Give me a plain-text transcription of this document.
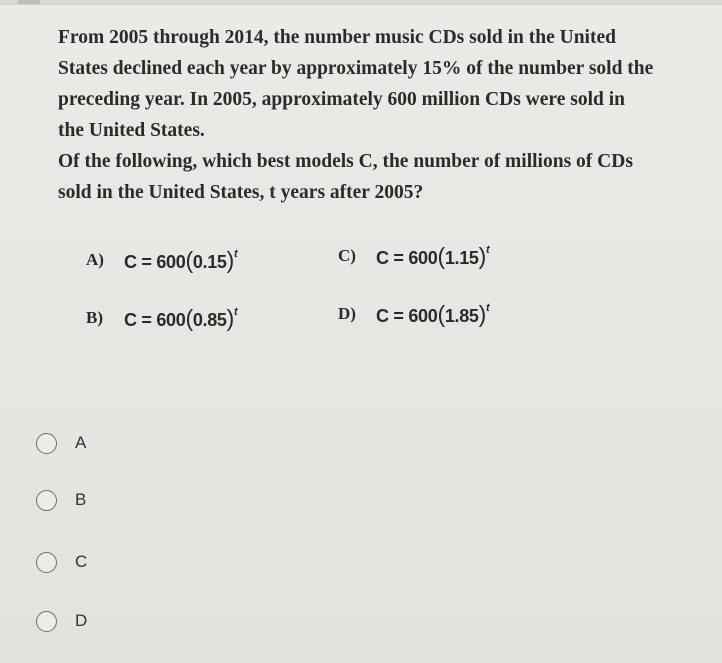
From 2005 through 2014, the number music CDs sold in the United

States declined each year by approximately 15% of the number sold the

preceding year. In 2005, approximately 600 million CDs were sold in

the United States.

Of the following, which best models C, the number of millions of CDs

sold in the United States, t years after 2005?

A)	$C = 600(0.15)^t$
B)	$C = 600(0.85)^t$
C)	$C = 600(1.15)^t$
D)	$C = 600(1.85)^t$
A
B
C
D
